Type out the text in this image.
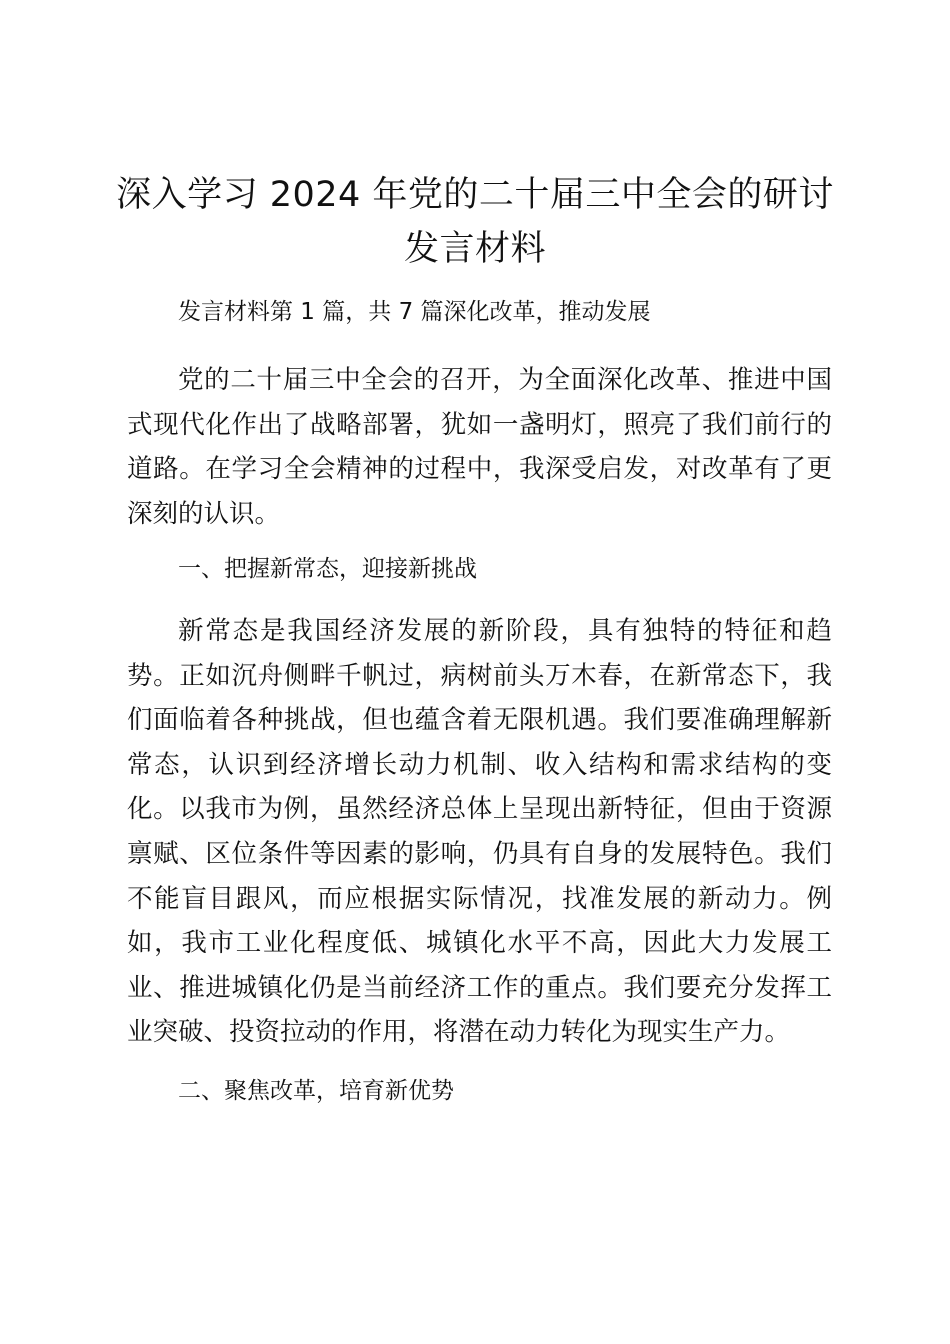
深入学习 2024 年党的二十届三中全会的研讨发言材料

发言材料第 1 篇，共 7 篇深化改革，推动发展

党的二十届三中全会的召开，为全面深化改革、推进中国式现代化作出了战略部署，犹如一盏明灯，照亮了我们前行的道路。在学习全会精神的过程中，我深受启发，对改革有了更深刻的认识。

一、把握新常态，迎接新挑战

新常态是我国经济发展的新阶段，具有独特的特征和趋势。正如沉舟侧畔千帆过，病树前头万木春，在新常态下，我们面临着各种挑战，但也蕴含着无限机遇。我们要准确理解新常态，认识到经济增长动力机制、收入结构和需求结构的变化。以我市为例，虽然经济总体上呈现出新特征，但由于资源禀赋、区位条件等因素的影响，仍具有自身的发展特色。我们不能盲目跟风，而应根据实际情况，找准发展的新动力。例如，我市工业化程度低、城镇化水平不高，因此大力发展工业、推进城镇化仍是当前经济工作的重点。我们要充分发挥工业突破、投资拉动的作用，将潜在动力转化为现实生产力。

二、聚焦改革，培育新优势
